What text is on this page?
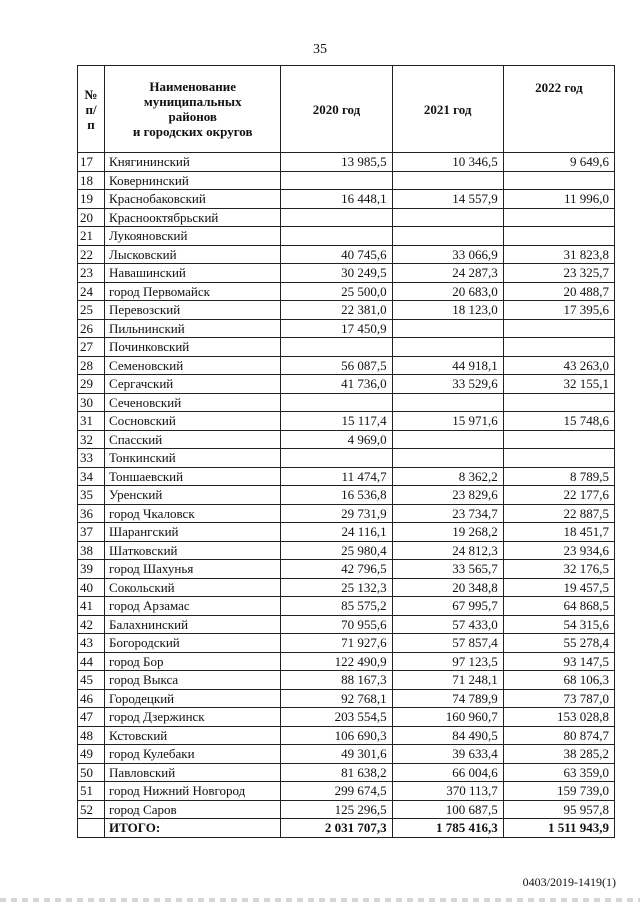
35
№
п/п	Наименование
муниципальных
районов
и городских округов	2020 год	2021 год	2022 год
17	Княгининский	13 985,5	10 346,5	9 649,6
18	Ковернинский			
19	Краснобаковский	16 448,1	14 557,9	11 996,0
20	Краснооктябрьский			
21	Лукояновский			
22	Лысковский	40 745,6	33 066,9	31 823,8
23	Навашинский	30 249,5	24 287,3	23 325,7
24	город Первомайск	25 500,0	20 683,0	20 488,7
25	Перевозский	22 381,0	18 123,0	17 395,6
26	Пильнинский	17 450,9		
27	Починковский			
28	Семеновский	56 087,5	44 918,1	43 263,0
29	Сергачский	41 736,0	33 529,6	32 155,1
30	Сеченовский			
31	Сосновский	15 117,4	15 971,6	15 748,6
32	Спасский	4 969,0		
33	Тонкинский			
34	Тоншаевский	11 474,7	8 362,2	8 789,5
35	Уренский	16 536,8	23 829,6	22 177,6
36	город Чкаловск	29 731,9	23 734,7	22 887,5
37	Шарангский	24 116,1	19 268,2	18 451,7
38	Шатковский	25 980,4	24 812,3	23 934,6
39	город Шахунья	42 796,5	33 565,7	32 176,5
40	Сокольский	25 132,3	20 348,8	19 457,5
41	город Арзамас	85 575,2	67 995,7	64 868,5
42	Балахнинский	70 955,6	57 433,0	54 315,6
43	Богородский	71 927,6	57 857,4	55 278,4
44	город Бор	122 490,9	97 123,5	93 147,5
45	город Выкса	88 167,3	71 248,1	68 106,3
46	Городецкий	92 768,1	74 789,9	73 787,0
47	город Дзержинск	203 554,5	160 960,7	153 028,8
48	Кстовский	106 690,3	84 490,5	80 874,7
49	город Кулебаки	49 301,6	39 633,4	38 285,2
50	Павловский	81 638,2	66 004,6	63 359,0
51	город Нижний Новгород	299 674,5	370 113,7	159 739,0
52	город Саров	125 296,5	100 687,5	95 957,8
	ИТОГО:	2 031 707,3	1 785 416,3	1 511 943,9
0403/2019-1419(1)
